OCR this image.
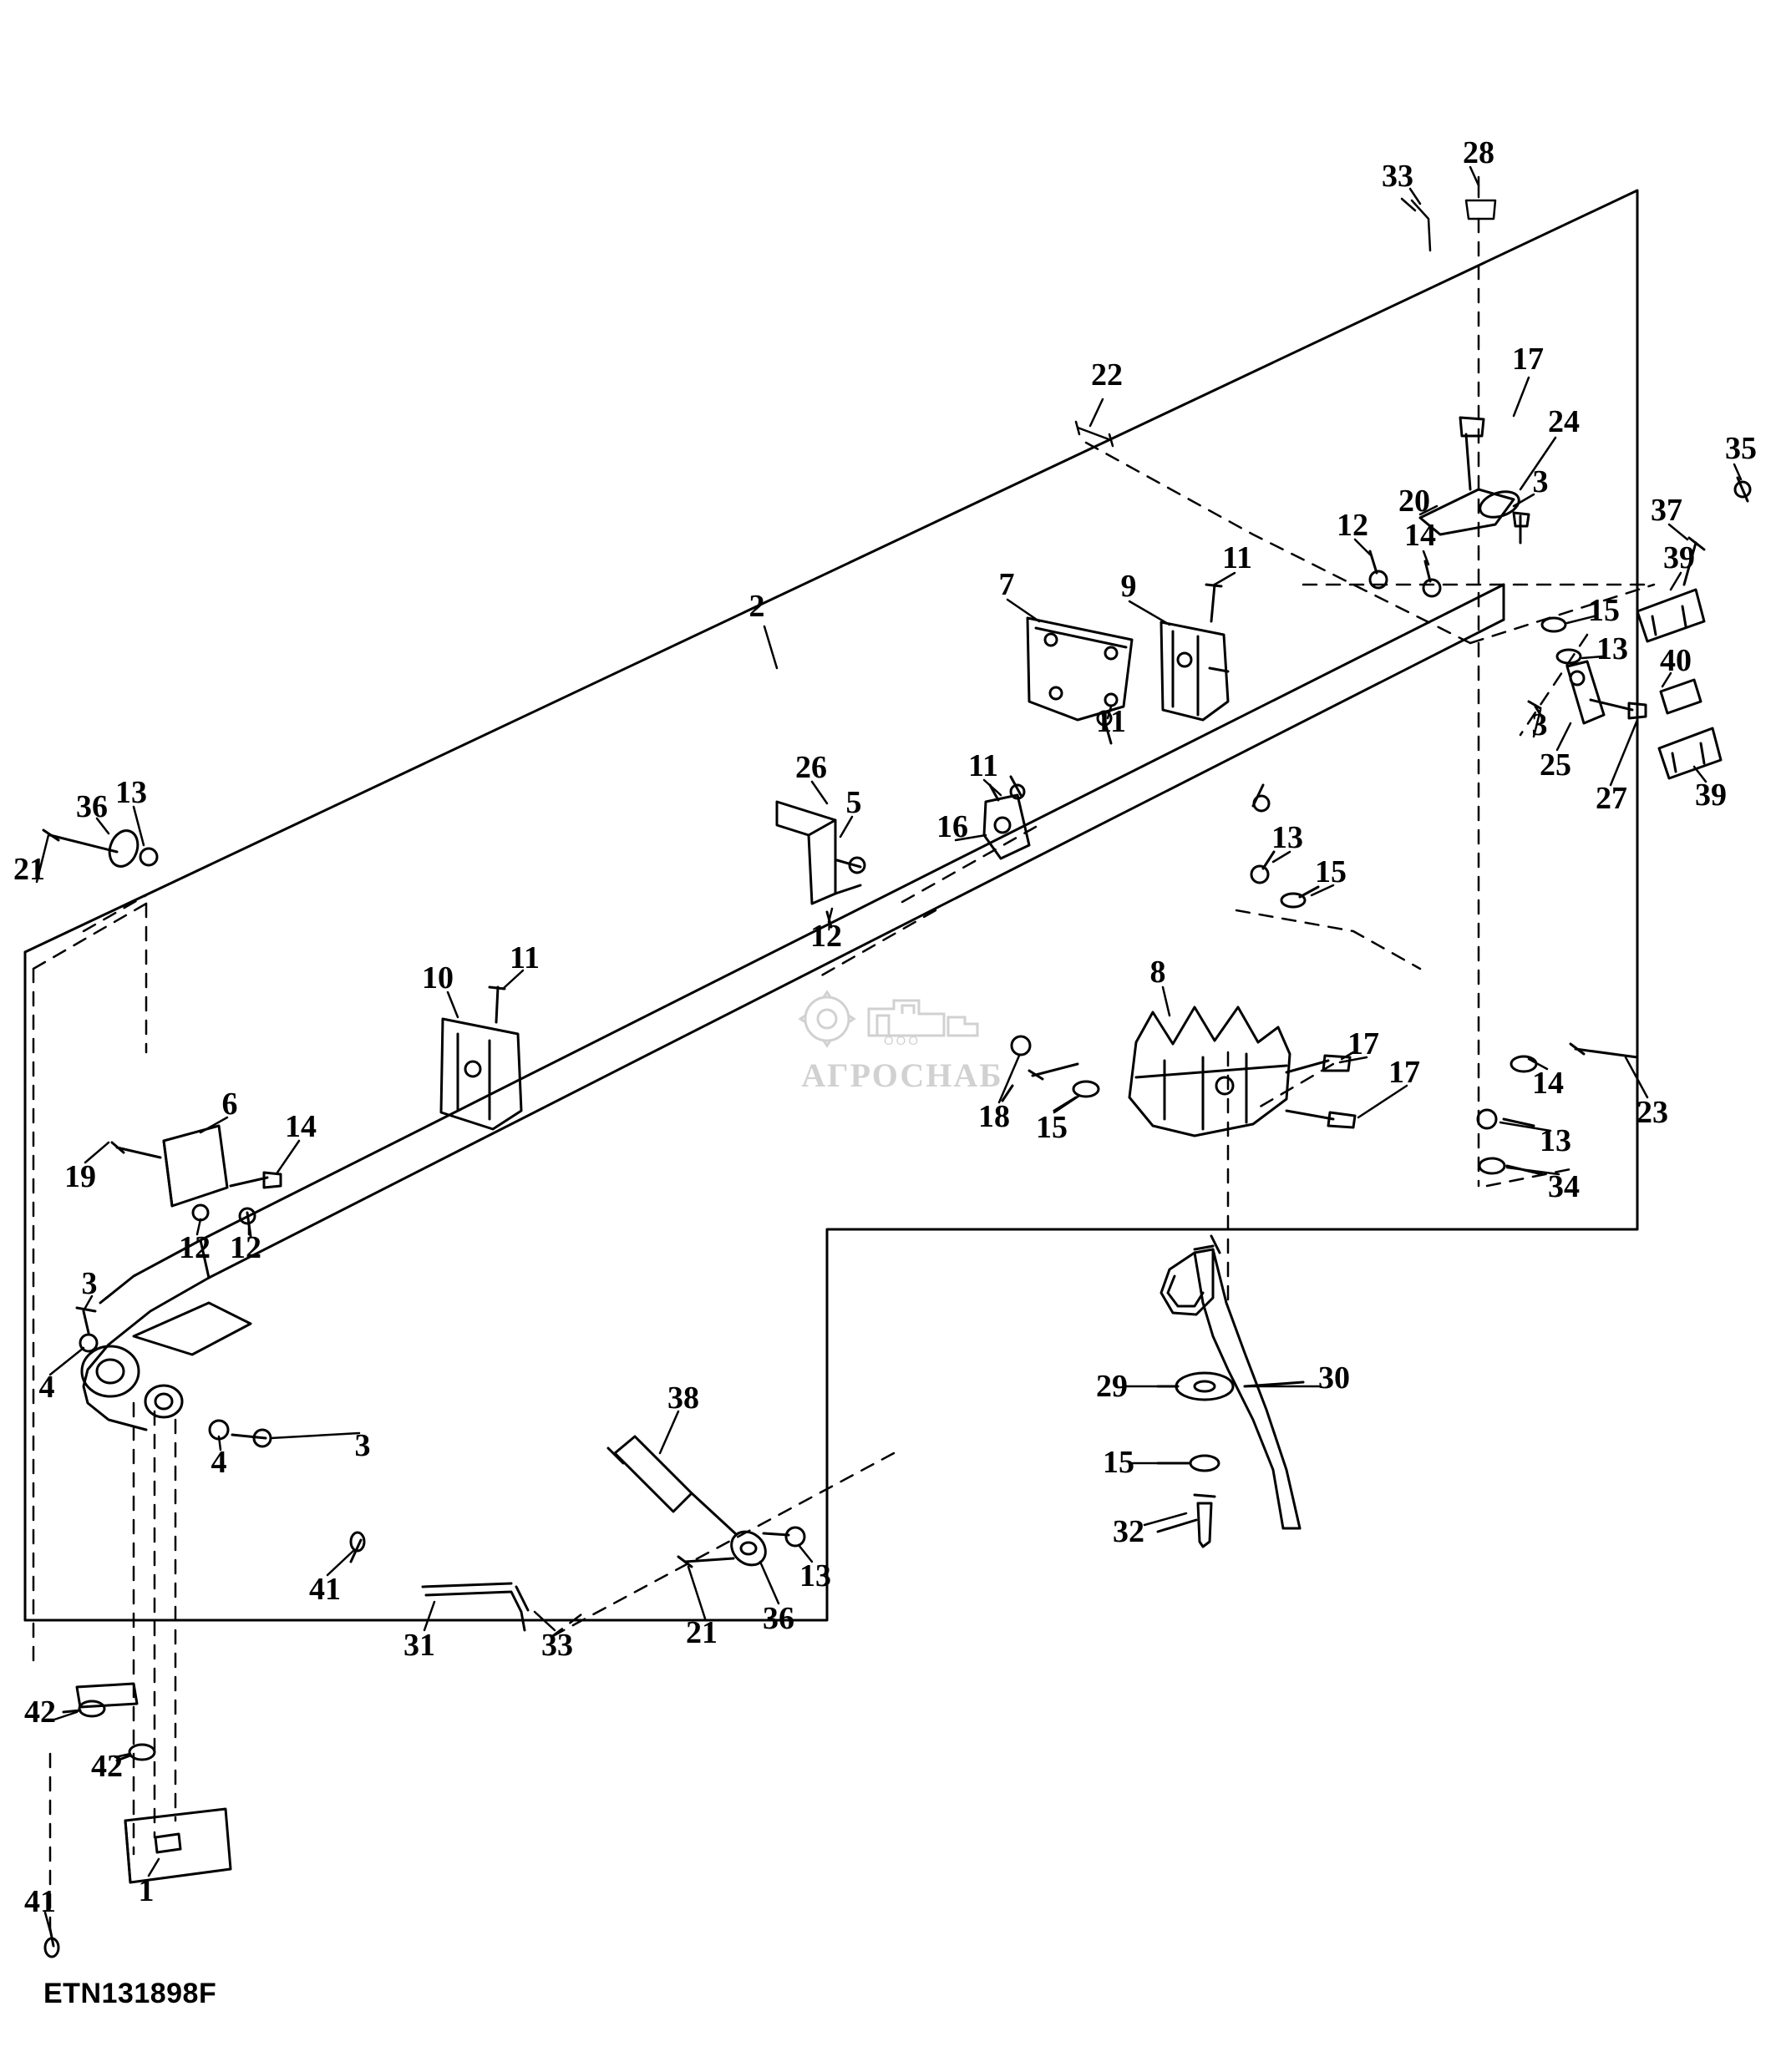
ООО
АГРОСНАБ
28
33
22	17
24
3
20
12 14
35
37
39
40
39
15
13
3
25
27
2
7	9
11
11
11
26
5
16
12
13
15
10
11
36 13
21
6
19
14
12 12
3
4
4	3
41
31	33
38
21 36
13
18 15
8
17
17	14
23
13
34
29	30
15
32
42
42
41	1
ETN131898F
